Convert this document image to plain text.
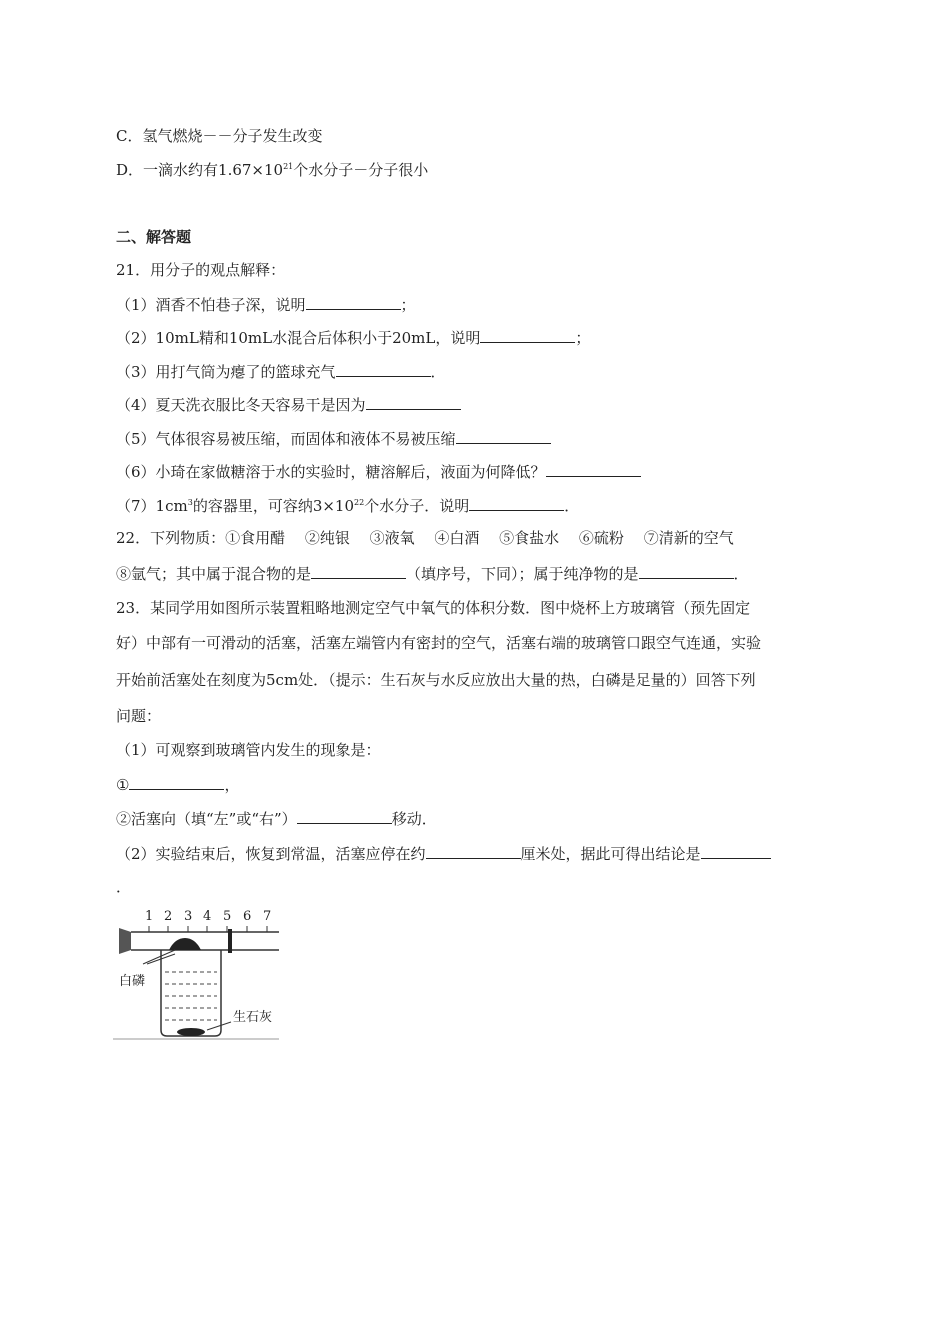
C．氢气燃烧－－分子发生改变
D．一滴水约有$1.67\times 10^{21}$个水分子－分子很小
二、解答题
21．用分子的观点解释：
（1）酒香不怕巷子深，说明	；
（2）10mL精和10mL水混合后体积小于20mL，说明	；
（3）用打气筒为瘪了的篮球充气	．
（4）夏天洗衣服比冬天容易干是因为
（5）气体很容易被压缩，而固体和液体不易被压缩
（6）小琦在家做糖溶于水的实验时，糖溶解后，液面为何降低？
$(7)1cm^3$的容器里，可容纳$3\times 10^{22}$个水分子．说明	．
22．下列物质：①食用醋　 ②纯银　 ③液氧　 ④白酒　 ⑤食盐水　 ⑥硫粉　 ⑦清新的空气
⑧氩气；其中属于混合物的是	（填序号，下同）；属于纯净物的是	．
23．某同学用如图所示装置粗略地测定空气中氧气的体积分数．图中烧杯上方玻璃管（预先固定
好）中部有一可滑动的活塞，活塞左端管内有密封的空气，活塞右端的玻璃管口跟空气连通，实验
开始前活塞处在刻度为5cm处．（提示：生石灰与水反应放出大量的热，白磷是足量的）回答下列
问题：
（1）可观察到玻璃管内发生的现象是：
①	，
②活塞向（填“左”或“右”）	移动．
（2）实验结束后，恢复到常温，活塞应停在约	厘米处，据此可得出结论是
．
1 2 3 4 5 6 7
白磷
生石灰
